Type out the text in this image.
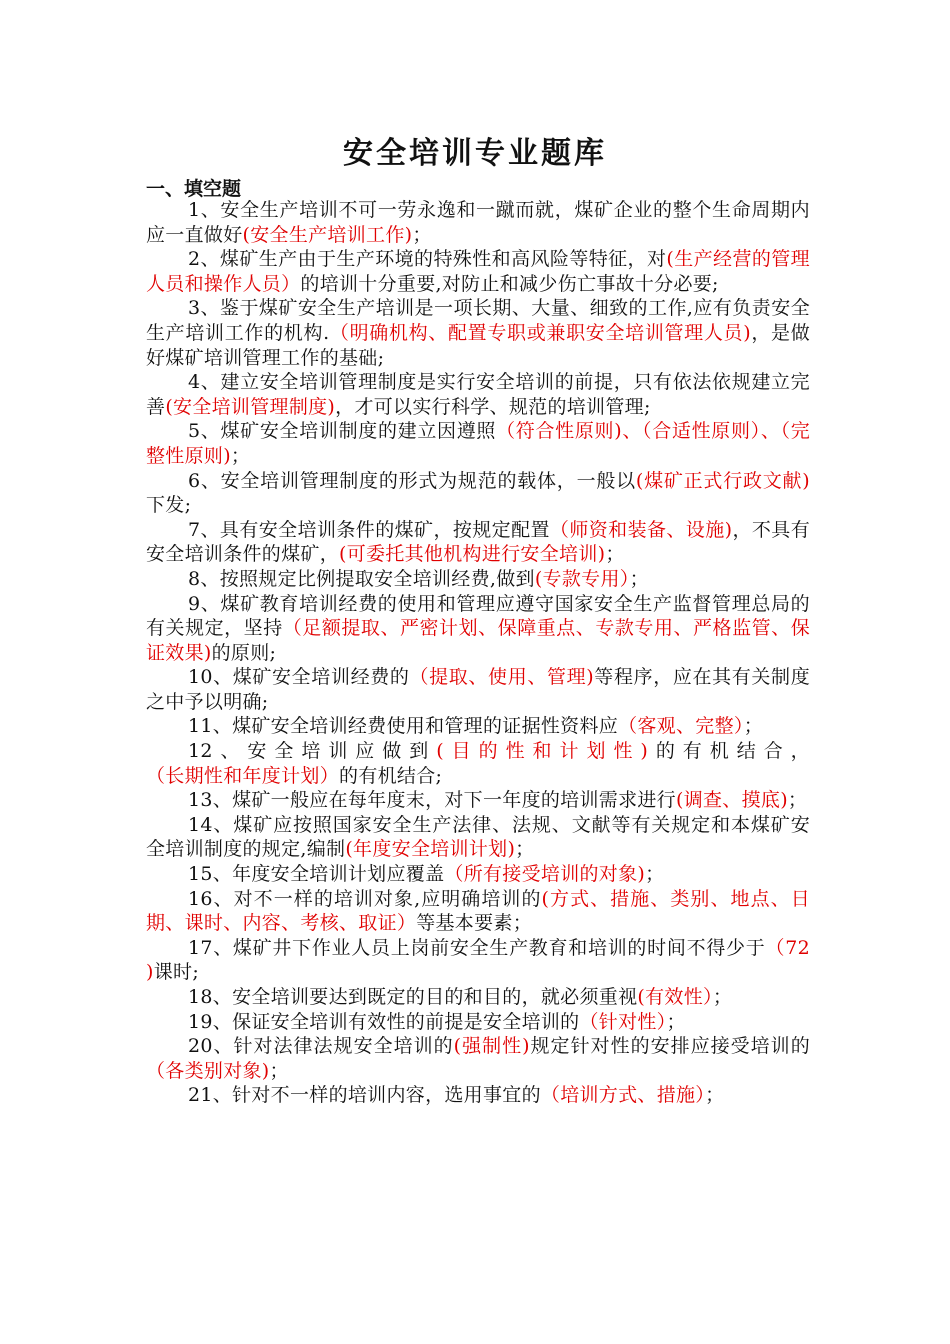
安全培训专业题库
一、填空题

1、安全生产培训不可一劳永逸和一蹴而就，煤矿企业的整个生命周期内应一直做好(安全生产培训工作)；

2、煤矿生产由于生产环境的特殊性和高风险等特征，对(生产经营的管理人员和操作人员）的培训十分重要,对防止和减少伤亡事故十分必要;

3、鉴于煤矿安全生产培训是一项长期、大量、细致的工作,应有负责安全生产培训工作的机构.（明确机构、配置专职或兼职安全培训管理人员)，是做好煤矿培训管理工作的基础;

4、建立安全培训管理制度是实行安全培训的前提，只有依法依规建立完善(安全培训管理制度)，才可以实行科学、规范的培训管理;

5、煤矿安全培训制度的建立因遵照（符合性原则)、（合适性原则）、（完整性原则)；

6、安全培训管理制度的形式为规范的载体，一般以(煤矿正式行政文献)下发;

7、具有安全培训条件的煤矿，按规定配置（师资和装备、设施)，不具有安全培训条件的煤矿，(可委托其他机构进行安全培训)；

8、按照规定比例提取安全培训经费,做到(专款专用）；

9、煤矿教育培训经费的使用和管理应遵守国家安全生产监督管理总局的有关规定，坚持（足额提取、严密计划、保障重点、专款专用、严格监管、保证效果)的原则;

10、煤矿安全培训经费的（提取、使用、管理)等程序，应在其有关制度之中予以明确;

11、煤矿安全培训经费使用和管理的证据性资料应（客观、完整）；

12、安全培训应做到(目的性和计划性)的有机结合，（长期性和年度计划）的有机结合;

13、煤矿一般应在每年度末，对下一年度的培训需求进行(调查、摸底)；

14、煤矿应按照国家安全生产法律、法规、文献等有关规定和本煤矿安全培训制度的规定,编制(年度安全培训计划)；

15、年度安全培训计划应覆盖（所有接受培训的对象)；

16、对不一样的培训对象,应明确培训的(方式、措施、类别、地点、日期、课时、内容、考核、取证）等基本要素；

17、煤矿井下作业人员上岗前安全生产教育和培训的时间不得少于（72 )课时;

18、安全培训要达到既定的目的和目的，就必须重视(有效性）；

19、保证安全培训有效性的前提是安全培训的（针对性）；

20、针对法律法规安全培训的(强制性)规定针对性的安排应接受培训的（各类别对象)；

21、针对不一样的培训内容，选用事宜的（培训方式、措施）；
